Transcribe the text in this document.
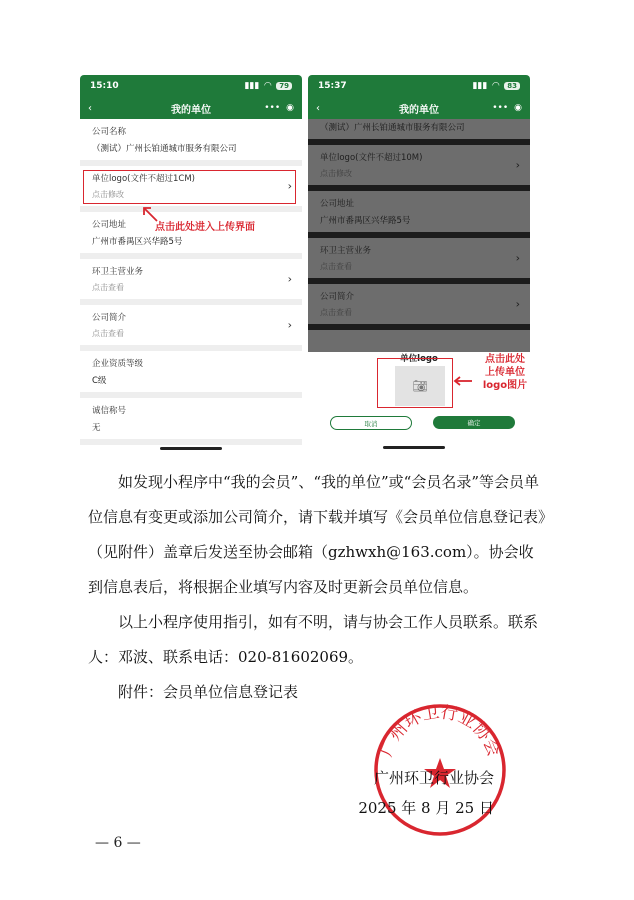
15:10	▮▮▮ ◠	79
‹	我的单位	••• ◉
公司名称
（测试）广州长铂通城市服务有限公司
单位logo(文件不超过1CM)
点击修改
›
公司地址
广州市番禺区兴华路5号
环卫主营业务
点击查看
›
公司简介
点击查看
›
企业资质等级
C级
诚信称号
无
点击此处进入上传界面
15:37	▮▮▮ ◠	83
‹	我的单位	••• ◉
单位logo
📷︎
取消	确定
点击此处
上传单位
logo图片

如发现小程序中“我的会员”、“我的单位”或“会员名录”等会员单位信息有变更或添加公司简介，请下载并填写《会员单位信息登记表》（见附件）盖章后发送至协会邮箱（gzhwxh@163.com）。协会收到信息表后，将根据企业填写内容及时更新会员单位信息。

以上小程序使用指引，如有不明，请与协会工作人员联系。联系人：邓波、联系电话：020-81602069。

附件：会员单位信息登记表

广州环卫行业协会
广州环卫行业协会
2025 年 8 月 25 日
— 6 —
